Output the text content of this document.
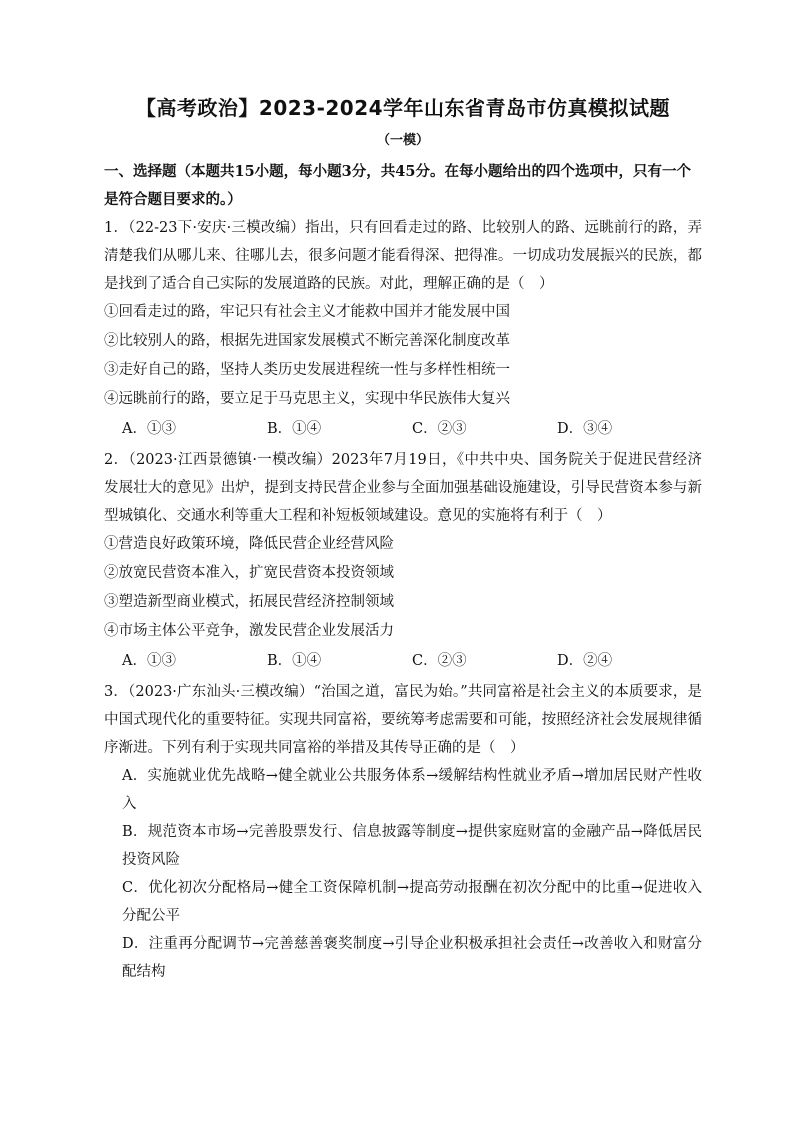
【高考政治】2023-2024学年山东省青岛市仿真模拟试题
（一模）

一、选择题（本题共15小题，每小题3分，共45分。在每小题给出的四个选项中，只有一个是符合题目要求的。）

1．（22-23下·安庆·三模改编）指出，只有回看走过的路、比较别人的路、远眺前行的路，弄清楚我们从哪儿来、往哪儿去，很多问题才能看得深、把得准。一切成功发展振兴的民族，都是找到了适合自己实际的发展道路的民族。对此，理解正确的是（　）

①回看走过的路，牢记只有社会主义才能救中国并才能发展中国

②比较别人的路，根据先进国家发展模式不断完善深化制度改革

③走好自己的路，坚持人类历史发展进程统一性与多样性相统一

④远眺前行的路，要立足于马克思主义，实现中华民族伟大复兴

A．①③	B．①④	C．②③	D．③④

2．（2023·江西景德镇·一模改编）2023年7月19日，《中共中央、国务院关于促进民营经济发展壮大的意见》出炉，提到支持民营企业参与全面加强基础设施建设，引导民营资本参与新型城镇化、交通水利等重大工程和补短板领域建设。意见的实施将有利于（　）

①营造良好政策环境，降低民营企业经营风险

②放宽民营资本准入，扩宽民营资本投资领域

③塑造新型商业模式，拓展民营经济控制领域

④市场主体公平竞争，激发民营企业发展活力

A．①③	B．①④	C．②③	D．②④

3．（2023·广东汕头·三模改编）“治国之道，富民为始。”共同富裕是社会主义的本质要求，是中国式现代化的重要特征。实现共同富裕，要统筹考虑需要和可能，按照经济社会发展规律循序渐进。下列有利于实现共同富裕的举措及其传导正确的是（　）

A．实施就业优先战略→健全就业公共服务体系→缓解结构性就业矛盾→增加居民财产性收入

B．规范资本市场→完善股票发行、信息披露等制度→提供家庭财富的金融产品→降低居民投资风险

C．优化初次分配格局→健全工资保障机制→提高劳动报酬在初次分配中的比重→促进收入分配公平

D．注重再分配调节→完善慈善褒奖制度→引导企业积极承担社会责任→改善收入和财富分配结构
